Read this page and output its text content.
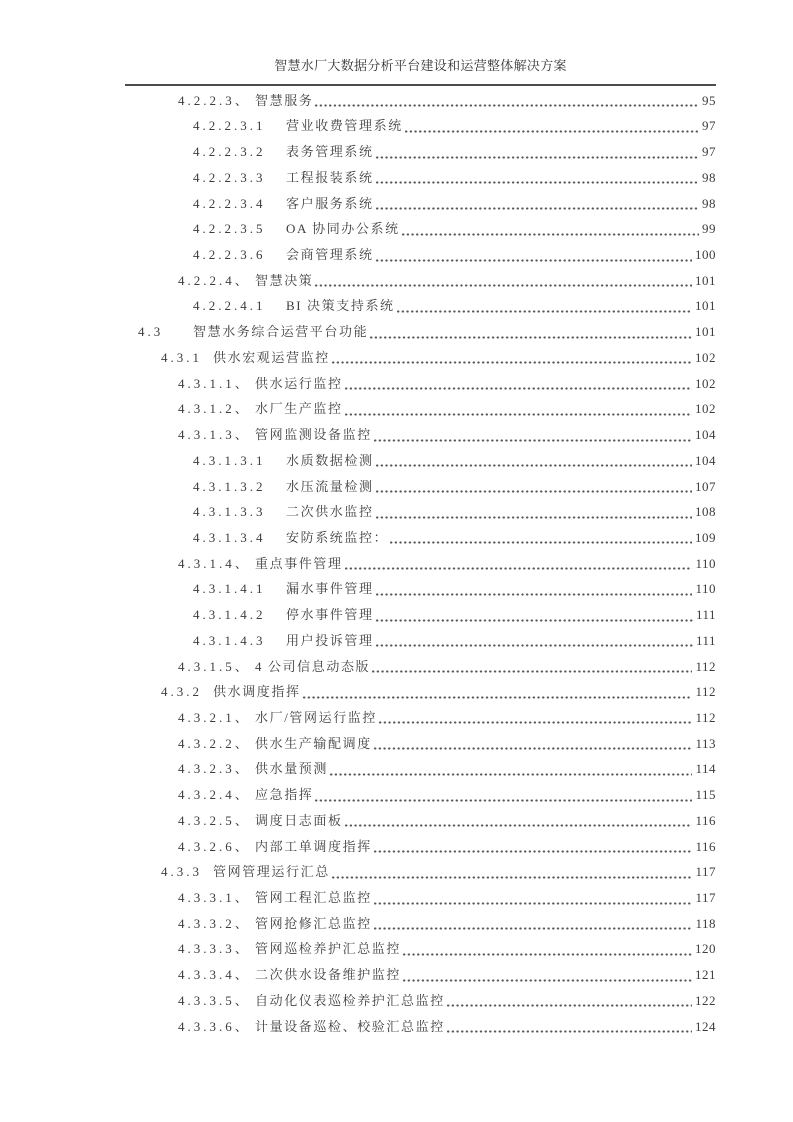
智慧水厂大数据分析平台建设和运营整体解决方案
4.2.2.3、 智慧服务	95
4.2.2.3.1	营业收费管理系统	97
4.2.2.3.2	表务管理系统	97
4.2.2.3.3	工程报装系统	98
4.2.2.3.4	客户服务系统	98
4.2.2.3.5	OA 协同办公系统	99
4.2.2.3.6	会商管理系统	100
4.2.2.4、 智慧决策	101
4.2.2.4.1	BI 决策支持系统	101
4.3	智慧水务综合运营平台功能	101
4.3.1 供水宏观运营监控	102
4.3.1.1、 供水运行监控	102
4.3.1.2、 水厂生产监控	102
4.3.1.3、 管网监测设备监控	104
4.3.1.3.1	水质数据检测	104
4.3.1.3.2	水压流量检测	107
4.3.1.3.3	二次供水监控	108
4.3.1.3.4	安防系统监控：	109
4.3.1.4、 重点事件管理	110
4.3.1.4.1	漏水事件管理	110
4.3.1.4.2	停水事件管理	111
4.3.1.4.3	用户投诉管理	111
4.3.1.5、 4 公司信息动态版	112
4.3.2 供水调度指挥	112
4.3.2.1、 水厂/管网运行监控	112
4.3.2.2、 供水生产输配调度	113
4.3.2.3、 供水量预测	114
4.3.2.4、 应急指挥	115
4.3.2.5、 调度日志面板	116
4.3.2.6、 内部工单调度指挥	116
4.3.3 管网管理运行汇总	117
4.3.3.1、 管网工程汇总监控	117
4.3.3.2、 管网抢修汇总监控	118
4.3.3.3、 管网巡检养护汇总监控	120
4.3.3.4、 二次供水设备维护监控	121
4.3.3.5、 自动化仪表巡检养护汇总监控	122
4.3.3.6、 计量设备巡检、校验汇总监控	124
